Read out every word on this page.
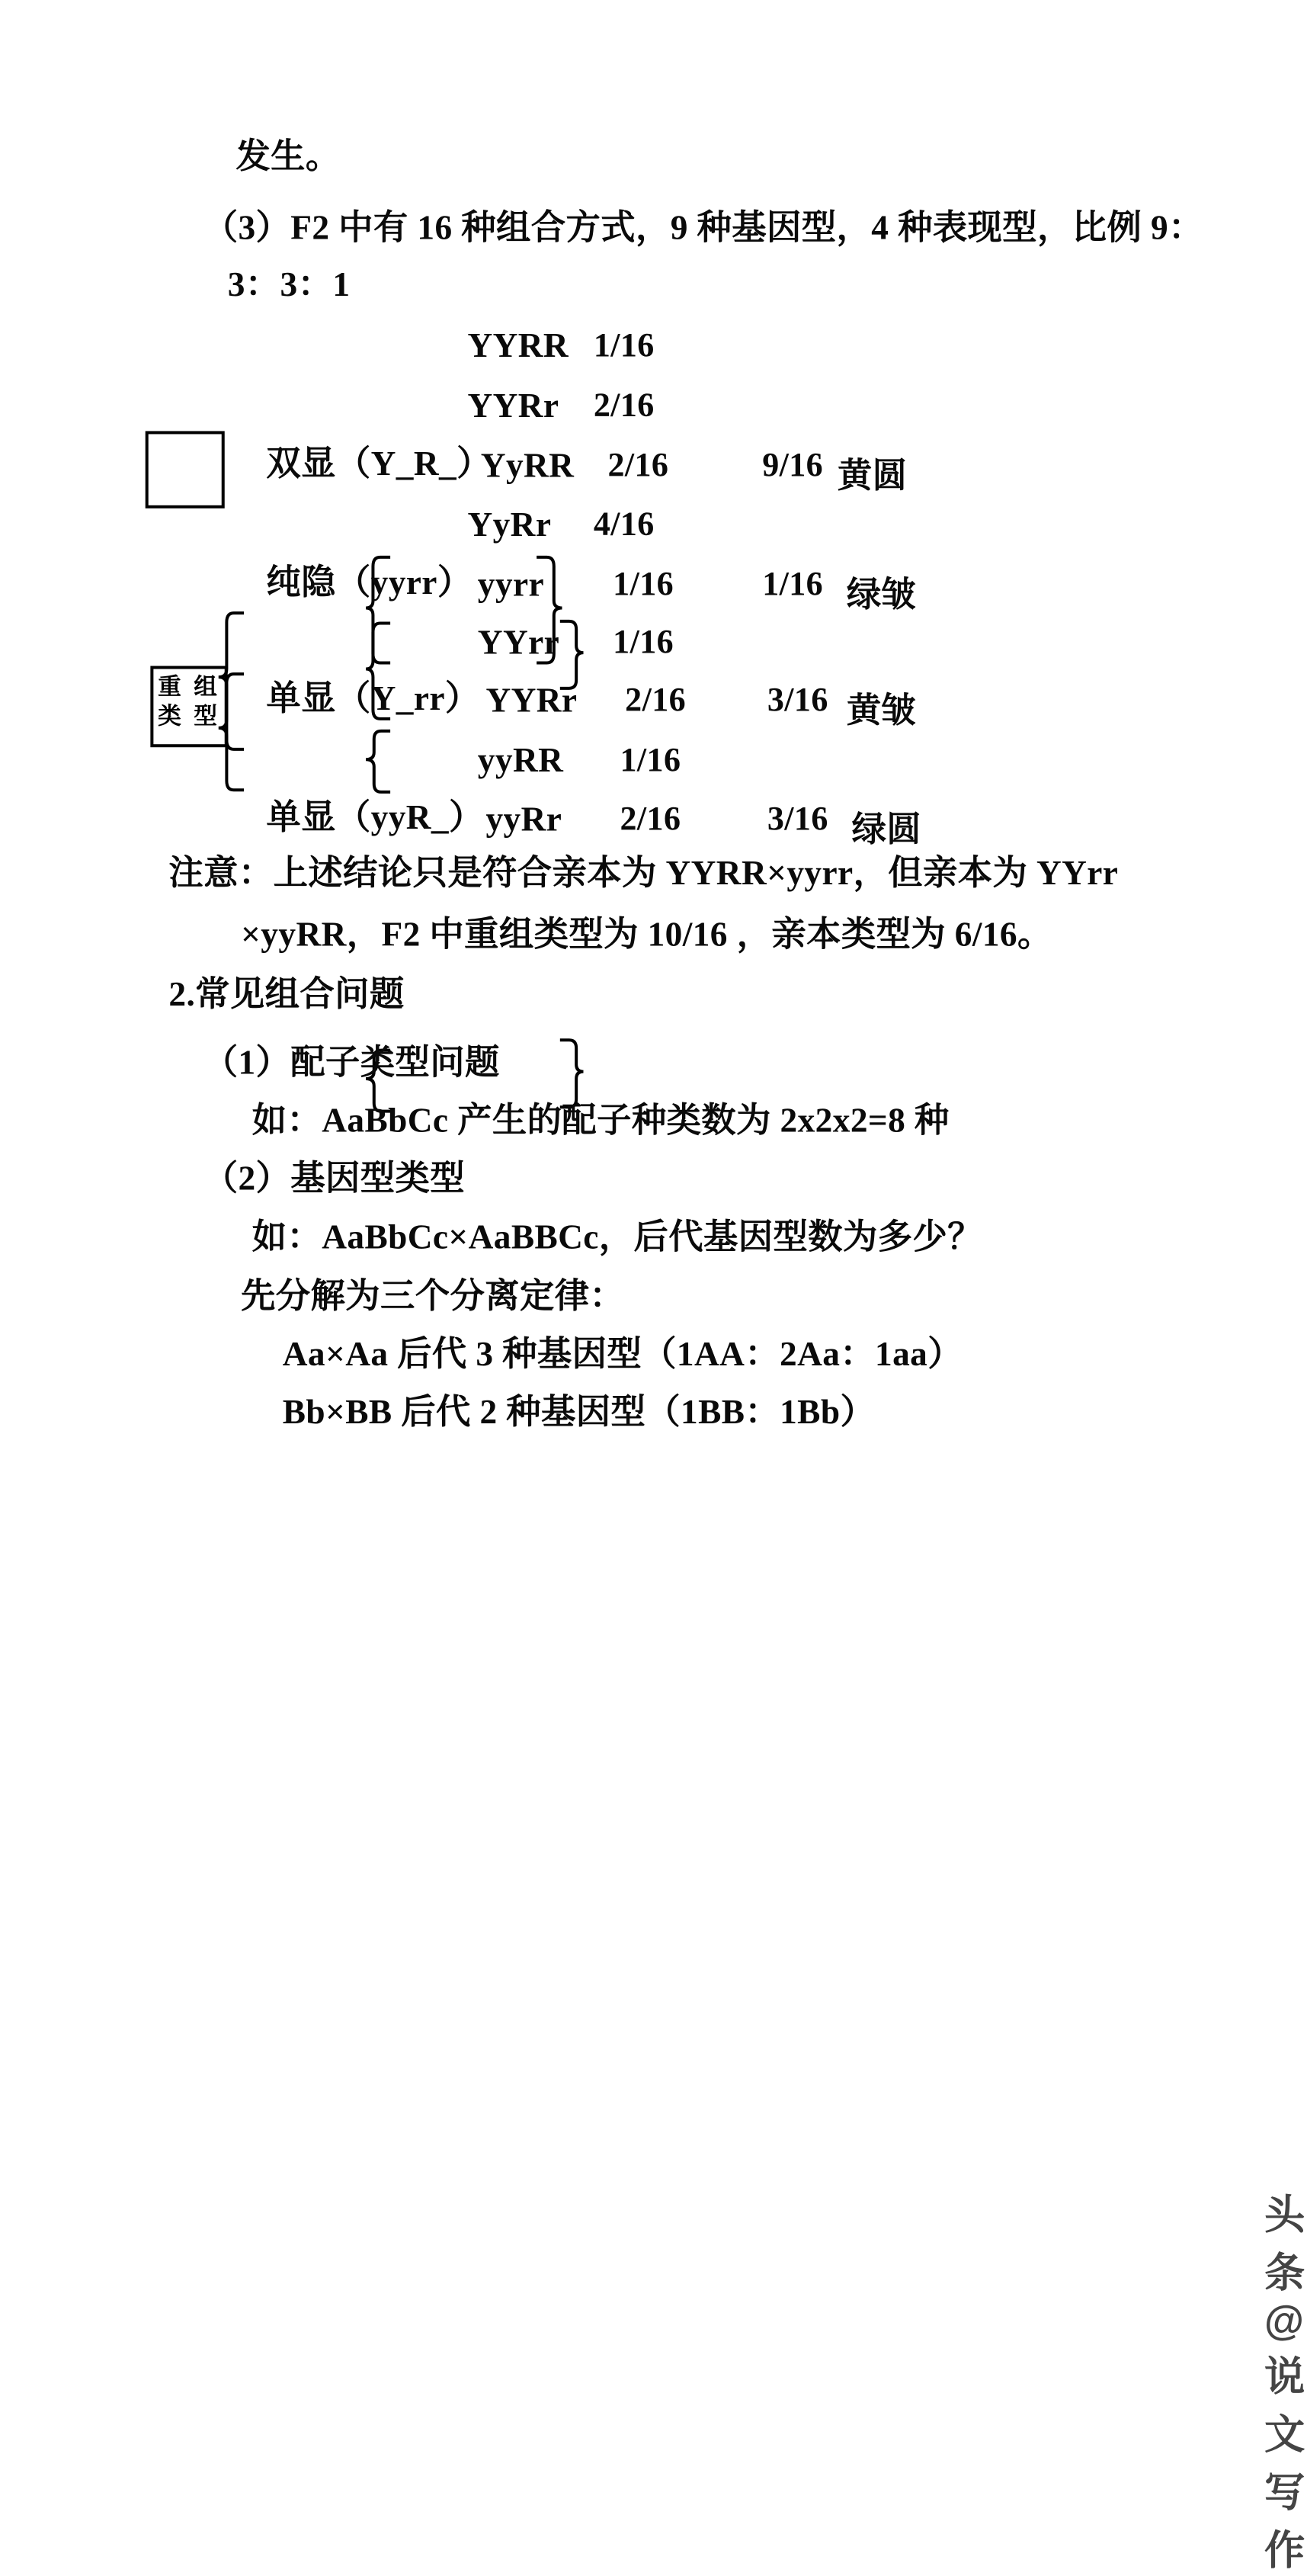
发生。
（3）F2 中有 16 种组合方式，9 种基因型，4 种表现型，比例 9：
3：3：1
重 组
类 型
YYRR 1/16
YYRr 2/16
双显（Y_R_）
YyRR 2/16	9/16 黄圆
YyRr 4/16
纯隐（yyrr） yyrr	1/16	1/16 绿皱
YYrr 1/16
单显（Y_rr） YYRr 2/16	3/16 黄皱
yyRR 1/16
单显（yyR_） yyRr 2/16	3/16 绿圆
注意：上述结论只是符合亲本为 YYRR×yyrr，但亲本为 YYrr
×yyRR，F2 中重组类型为 10/16 ，亲本类型为 6/16。
2.常见组合问题
（1）配子类型问题
如：AaBbCc 产生的配子种类数为 2x2x2=8 种
（2）基因型类型
如：AaBbCc×AaBBCc，后代基因型数为多少？
先分解为三个分离定律：
Aa×Aa 后代 3 种基因型（1AA：2Aa：1aa）
Bb×BB 后代 2 种基因型（1BB：1Bb）
头条 @说文写作
